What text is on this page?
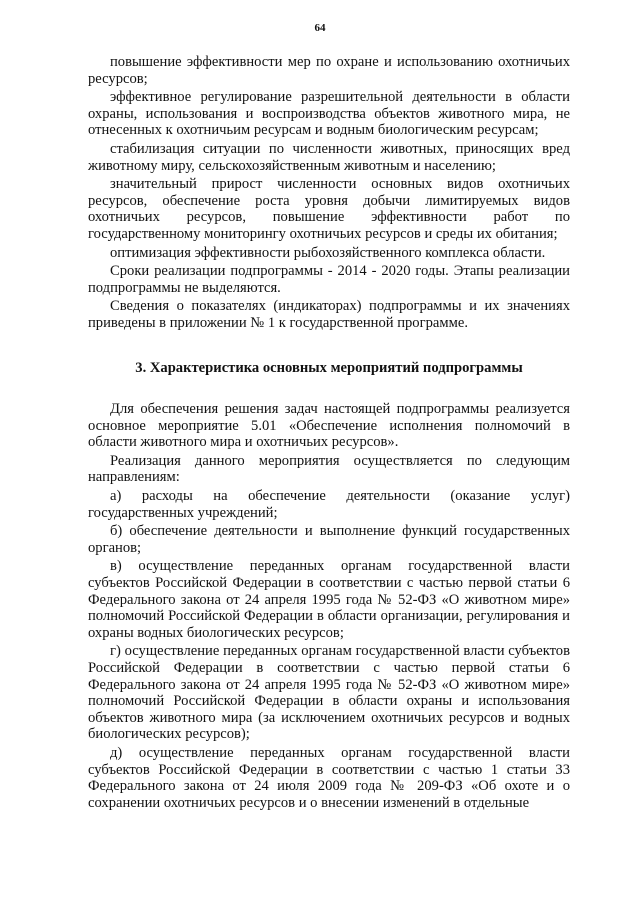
64

повышение эффективности мер по охране и использованию охотничьих ресурсов;

эффективное регулирование разрешительной деятельности в области охраны, использования и воспроизводства объектов животного мира, не отнесенных к охотничьим ресурсам и водным биологическим ресурсам;

стабилизация ситуации по численности животных, приносящих вред животному миру, сельскохозяйственным животным и населению;

значительный прирост численности основных видов охотничьих ресурсов, обеспечение роста уровня добычи лимитируемых видов охотничьих ресурсов, повышение эффективности работ по государственному мониторингу охотничьих ресурсов и среды их обитания;

оптимизация эффективности рыбохозяйственного комплекса области.

Сроки реализации подпрограммы - 2014 - 2020 годы. Этапы реализации подпрограммы не выделяются.

Сведения о показателях (индикаторах) подпрограммы и их значениях приведены в приложении № 1 к государственной программе.

3. Характеристика основных мероприятий подпрограммы

Для обеспечения решения задач настоящей подпрограммы реализуется основное мероприятие 5.01 «Обеспечение исполнения полномочий в области животного мира и охотничьих ресурсов».

Реализация данного мероприятия осуществляется по следующим направлениям:

а) расходы на обеспечение деятельности (оказание услуг) государственных учреждений;

б) обеспечение деятельности и выполнение функций государственных органов;

в) осуществление переданных органам государственной власти субъектов Российской Федерации в соответствии с частью первой статьи 6 Федерального закона от 24 апреля 1995 года № 52-ФЗ «О животном мире» полномочий Российской Федерации в области организации, регулирования и охраны водных биологических ресурсов;

г) осуществление переданных органам государственной власти субъектов Российской Федерации в соответствии с частью первой статьи 6 Федерального закона от 24 апреля 1995 года № 52-ФЗ «О животном мире» полномочий Российской Федерации в области охраны и использования объектов животного мира (за исключением охотничьих ресурсов и водных биологических ресурсов);

д) осуществление переданных органам государственной власти субъектов Российской Федерации в соответствии с частью 1 статьи 33 Федерального закона от 24 июля 2009 года № 209-ФЗ «Об охоте и о сохранении охотничьих ресурсов и о внесении изменений в отдельные
